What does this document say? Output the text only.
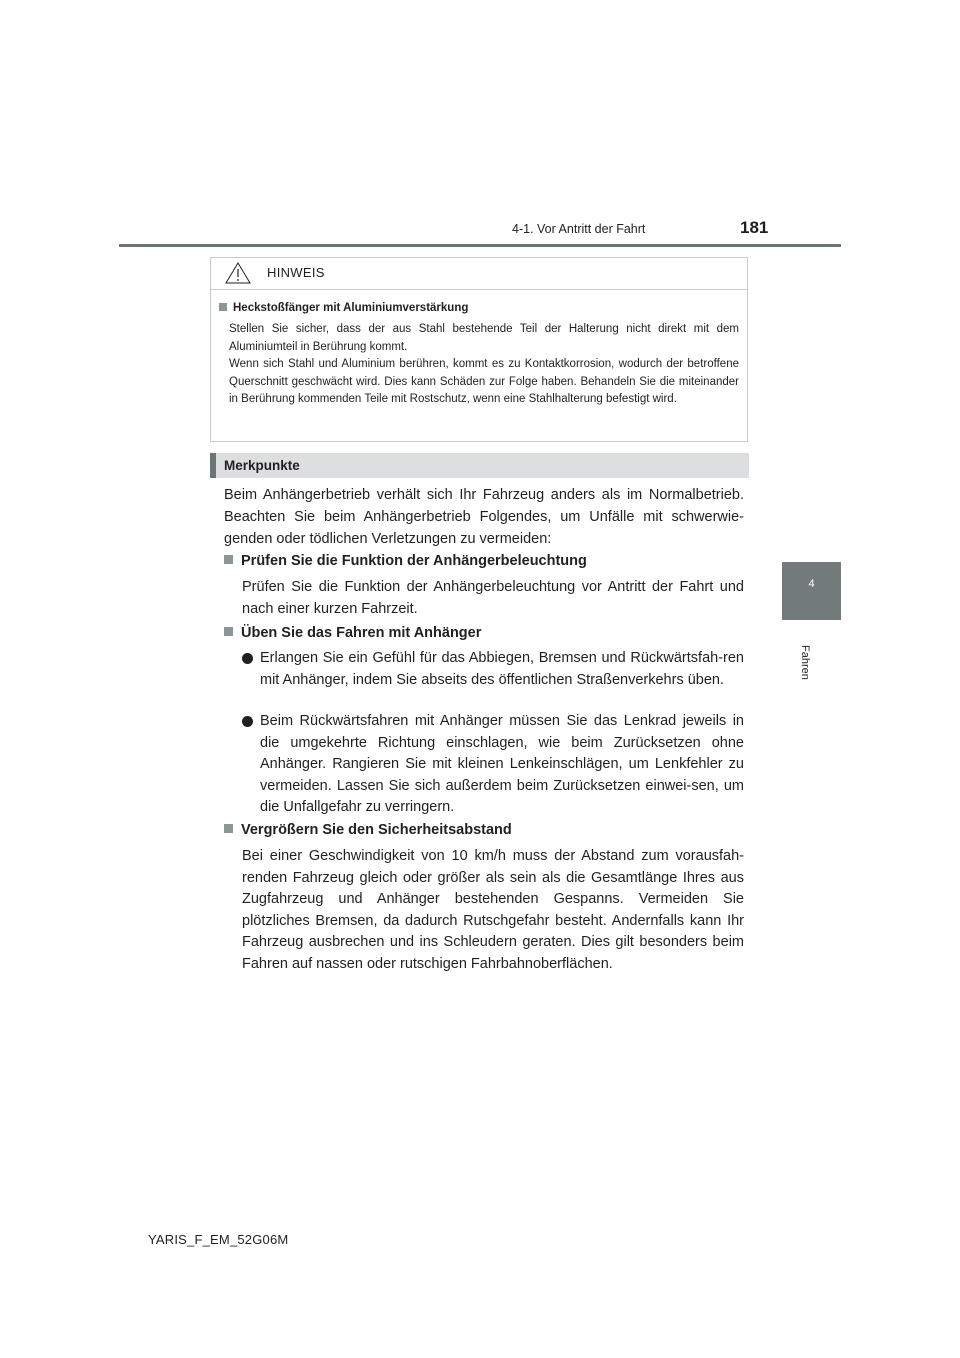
4-1. Vor Antritt der Fahrt	181
4
Fahren
HINWEIS
Heckstoßfänger mit Aluminiumverstärkung

Stellen Sie sicher, dass der aus Stahl bestehende Teil der Halterung nicht direkt mit dem Aluminiumteil in Berührung kommt.

Wenn sich Stahl und Aluminium berühren, kommt es zu Kontaktkorrosion, wodurch der betroffene Querschnitt geschwächt wird. Dies kann Schäden zur Folge haben. Behandeln Sie die miteinander in Berührung kommenden Teile mit Rostschutz, wenn eine Stahlhalterung befestigt wird.

Merkpunkte

Beim Anhängerbetrieb verhält sich Ihr Fahrzeug anders als im Normalbetrieb. Beachten Sie beim Anhängerbetrieb Folgendes, um Unfälle mit schwerwie-genden oder tödlichen Verletzungen zu vermeiden:

Prüfen Sie die Funktion der Anhängerbeleuchtung

Prüfen Sie die Funktion der Anhängerbeleuchtung vor Antritt der Fahrt und nach einer kurzen Fahrzeit.

Üben Sie das Fahren mit Anhänger

Erlangen Sie ein Gefühl für das Abbiegen, Bremsen und Rückwärtsfah-ren mit Anhänger, indem Sie abseits des öffentlichen Straßenverkehrs üben.

Beim Rückwärtsfahren mit Anhänger müssen Sie das Lenkrad jeweils in die umgekehrte Richtung einschlagen, wie beim Zurücksetzen ohne Anhänger. Rangieren Sie mit kleinen Lenkeinschlägen, um Lenkfehler zu vermeiden. Lassen Sie sich außerdem beim Zurücksetzen einwei-sen, um die Unfallgefahr zu verringern.

Vergrößern Sie den Sicherheitsabstand

Bei einer Geschwindigkeit von 10 km/h muss der Abstand zum vorausfah-renden Fahrzeug gleich oder größer als sein als die Gesamtlänge Ihres aus Zugfahrzeug und Anhänger bestehenden Gespanns. Vermeiden Sie plötzliches Bremsen, da dadurch Rutschgefahr besteht. Andernfalls kann Ihr Fahrzeug ausbrechen und ins Schleudern geraten. Dies gilt besonders beim Fahren auf nassen oder rutschigen Fahrbahnoberflächen.

YARIS_F_EM_52G06M
